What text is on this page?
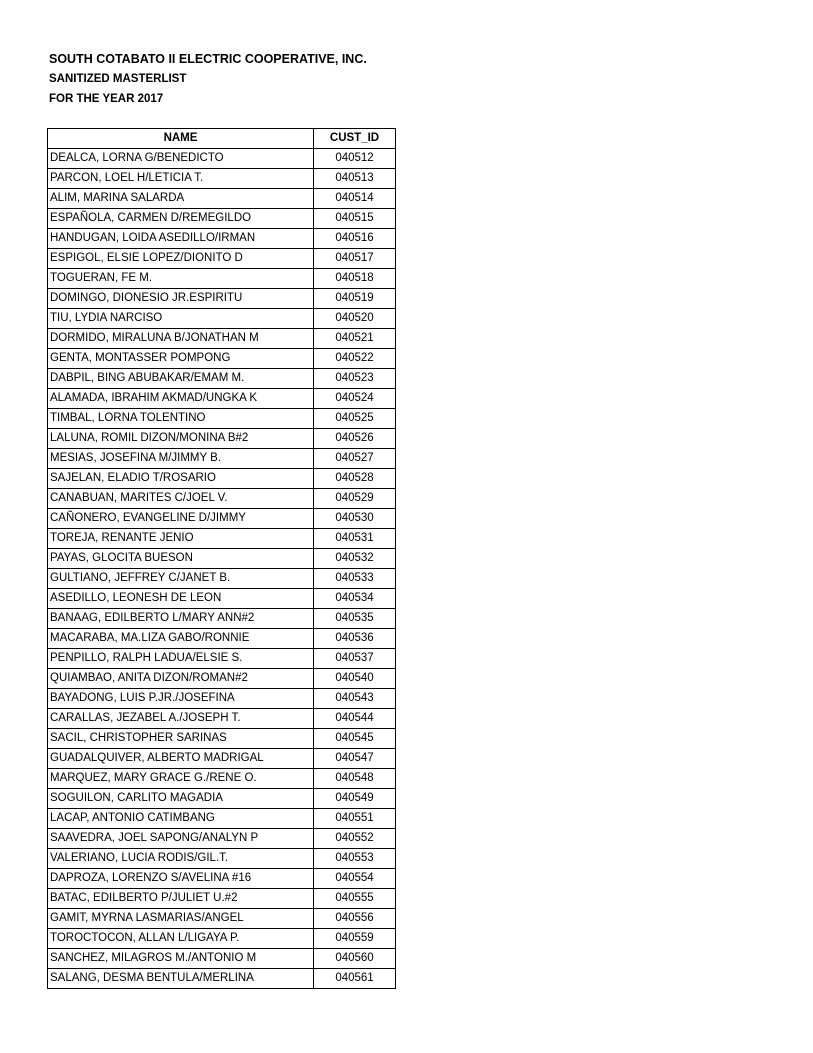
SOUTH COTABATO II ELECTRIC COOPERATIVE, INC.
SANITIZED MASTERLIST
FOR THE YEAR 2017
NAME	CUST_ID
DEALCA, LORNA G/BENEDICTO	040512
PARCON, LOEL H/LETICIA T.	040513
ALIM, MARINA SALARDA	040514
ESPAÑOLA, CARMEN D/REMEGILDO	040515
HANDUGAN, LOIDA ASEDILLO/IRMAN	040516
ESPIGOL, ELSIE LOPEZ/DIONITO D	040517
TOGUERAN, FE M.	040518
DOMINGO, DIONESIO JR.ESPIRITU	040519
TIU, LYDIA NARCISO	040520
DORMIDO, MIRALUNA B/JONATHAN M	040521
GENTA, MONTASSER POMPONG	040522
DABPIL, BING ABUBAKAR/EMAM M.	040523
ALAMADA, IBRAHIM AKMAD/UNGKA K	040524
TIMBAL, LORNA TOLENTINO	040525
LALUNA, ROMIL DIZON/MONINA B#2	040526
MESIAS, JOSEFINA M/JIMMY B.	040527
SAJELAN, ELADIO T/ROSARIO	040528
CANABUAN, MARITES C/JOEL V.	040529
CAÑONERO, EVANGELINE D/JIMMY	040530
TOREJA, RENANTE JENIO	040531
PAYAS, GLOCITA BUESON	040532
GULTIANO, JEFFREY C/JANET B.	040533
ASEDILLO, LEONESH DE LEON	040534
BANAAG, EDILBERTO L/MARY ANN#2	040535
MACARABA, MA.LIZA GABO/RONNIE	040536
PENPILLO, RALPH LADUA/ELSIE S.	040537
QUIAMBAO, ANITA DIZON/ROMAN#2	040540
BAYADONG, LUIS P.JR./JOSEFINA	040543
CARALLAS, JEZABEL A./JOSEPH T.	040544
SACIL, CHRISTOPHER SARINAS	040545
GUADALQUIVER, ALBERTO MADRIGAL	040547
MARQUEZ, MARY GRACE G./RENE O.	040548
SOGUILON, CARLITO MAGADIA	040549
LACAP, ANTONIO CATIMBANG	040551
SAAVEDRA, JOEL SAPONG/ANALYN P	040552
VALERIANO, LUCIA RODIS/GIL.T.	040553
DAPROZA, LORENZO S/AVELINA #16	040554
BATAC, EDILBERTO P/JULIET U.#2	040555
GAMIT, MYRNA LASMARIAS/ANGEL	040556
TOROCTOCON, ALLAN L/LIGAYA P.	040559
SANCHEZ, MILAGROS M./ANTONIO M	040560
SALANG, DESMA BENTULA/MERLINA	040561
